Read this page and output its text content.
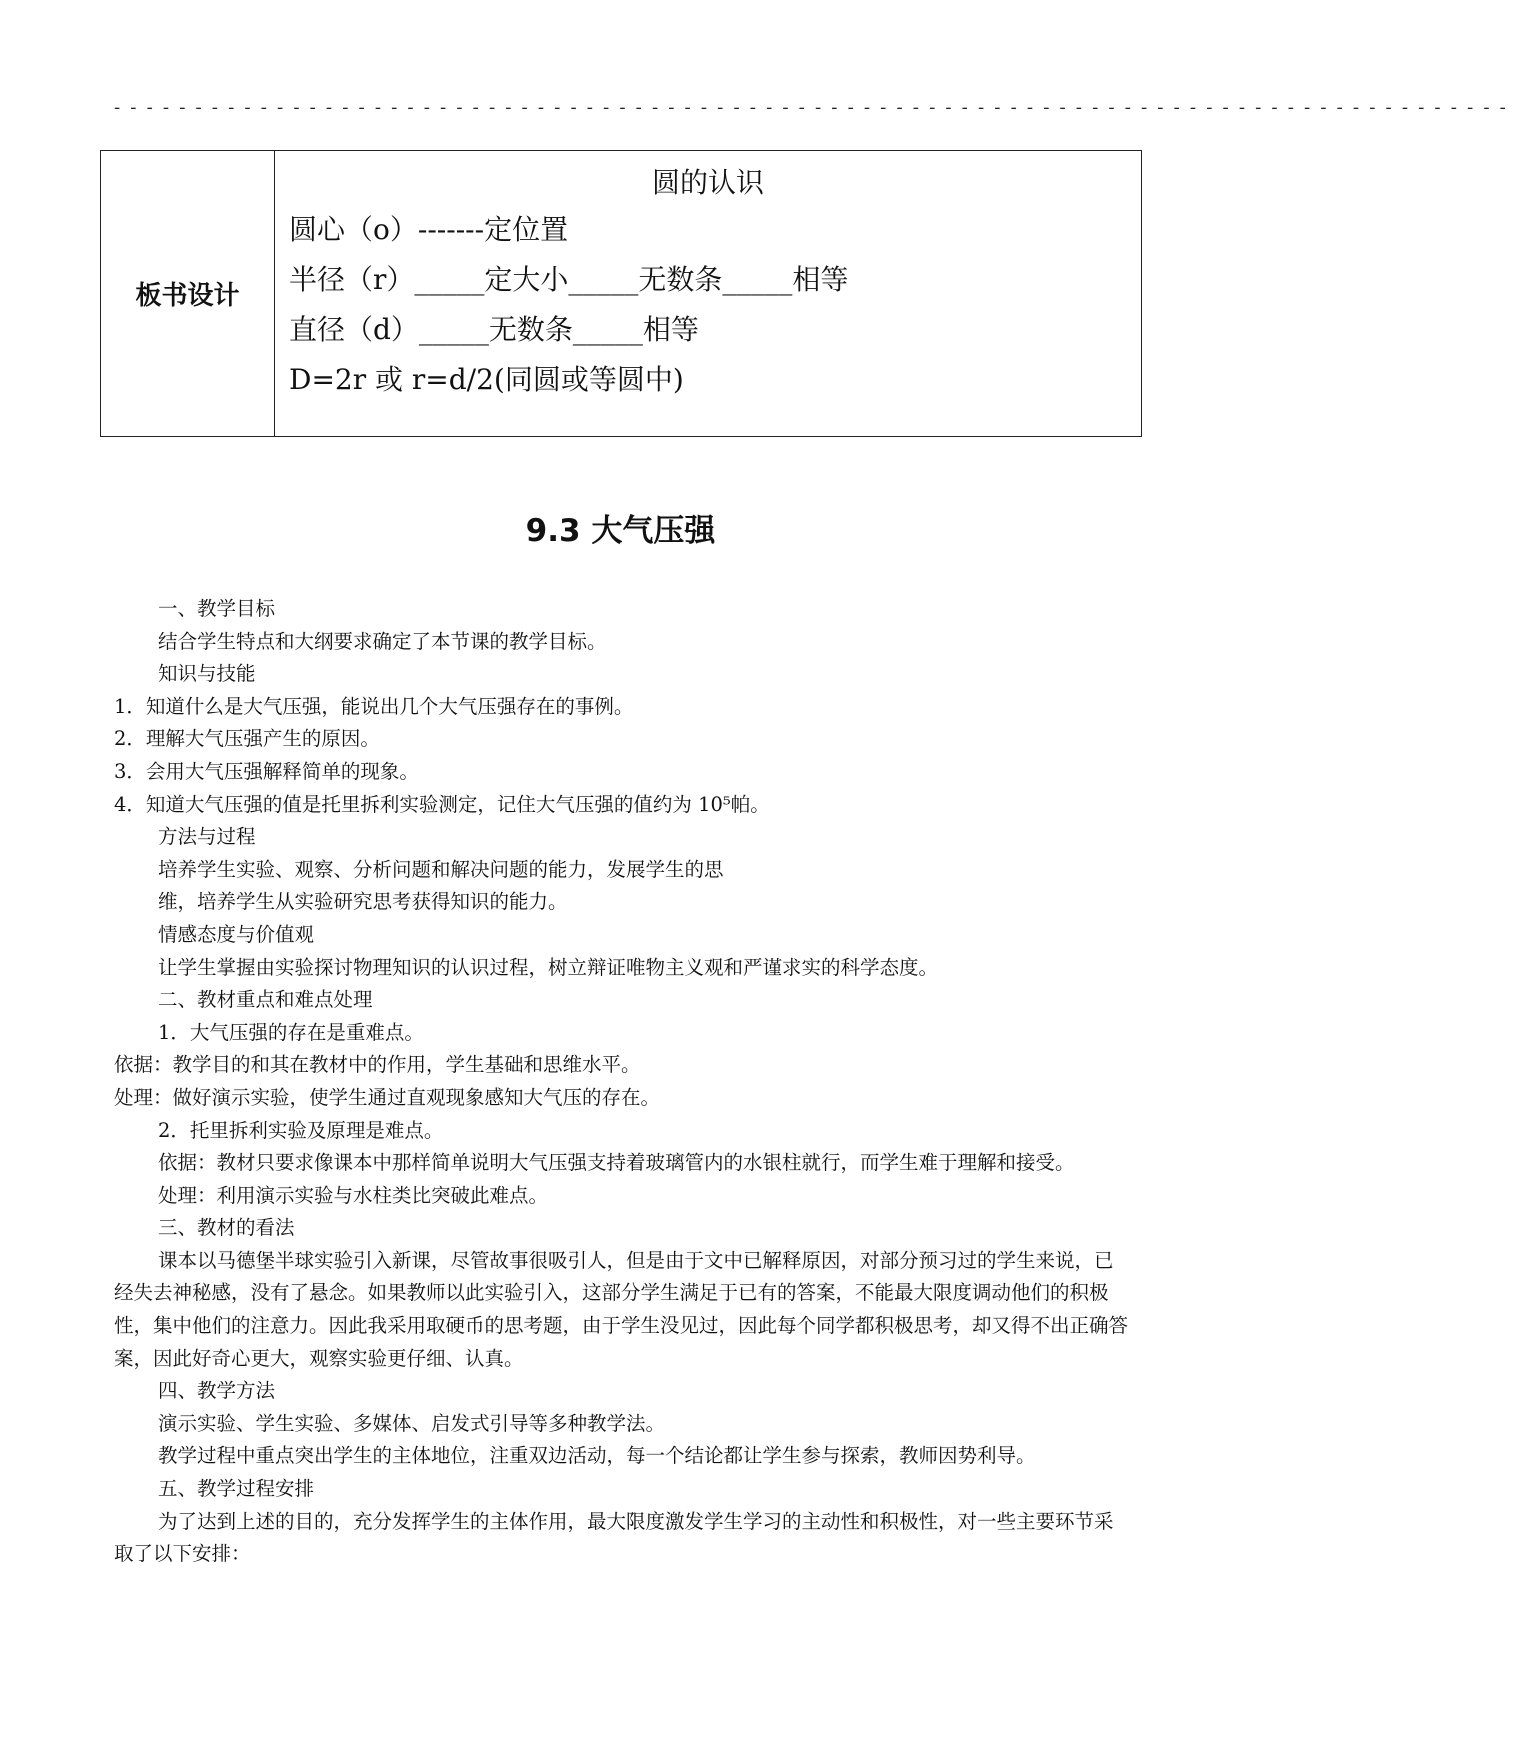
--------------------------------------------------------------------------------------
板书设计	
圆的认识
圆心（o）-------定位置
半径（r）_____定大小_____无数条_____相等
直径（d）_____无数条_____相等
D=2r 或 r=d/2(同圆或等圆中)
9.3 大气压强

一、教学目标

结合学生特点和大纲要求确定了本节课的教学目标。

知识与技能

1．知道什么是大气压强，能说出几个大气压强存在的事例。

2．理解大气压强产生的原因。

3．会用大气压强解释简单的现象。

4．知道大气压强的值是托里拆利实验测定，记住大气压强的值约为 10⁵帕。

方法与过程

培养学生实验、观察、分析问题和解决问题的能力，发展学生的思

维，培养学生从实验研究思考获得知识的能力。

情感态度与价值观

让学生掌握由实验探讨物理知识的认识过程，树立辩证唯物主义观和严谨求实的科学态度。

二、教材重点和难点处理

1．大气压强的存在是重难点。

依据：教学目的和其在教材中的作用，学生基础和思维水平。

处理：做好演示实验，使学生通过直观现象感知大气压的存在。

2．托里拆利实验及原理是难点。

依据：教材只要求像课本中那样简单说明大气压强支持着玻璃管内的水银柱就行，而学生难于理解和接受。

处理：利用演示实验与水柱类比突破此难点。

三、教材的看法

课本以马德堡半球实验引入新课，尽管故事很吸引人，但是由于文中已解释原因，对部分预习过的学生来说，已经失去神秘感，没有了悬念。如果教师以此实验引入，这部分学生满足于已有的答案，不能最大限度调动他们的积极性，集中他们的注意力。因此我采用取硬币的思考题，由于学生没见过，因此每个同学都积极思考，却又得不出正确答案，因此好奇心更大，观察实验更仔细、认真。

四、教学方法

演示实验、学生实验、多媒体、启发式引导等多种教学法。

教学过程中重点突出学生的主体地位，注重双边活动，每一个结论都让学生参与探索，教师因势利导。

五、教学过程安排

为了达到上述的目的，充分发挥学生的主体作用，最大限度激发学生学习的主动性和积极性，对一些主要环节采取了以下安排：
